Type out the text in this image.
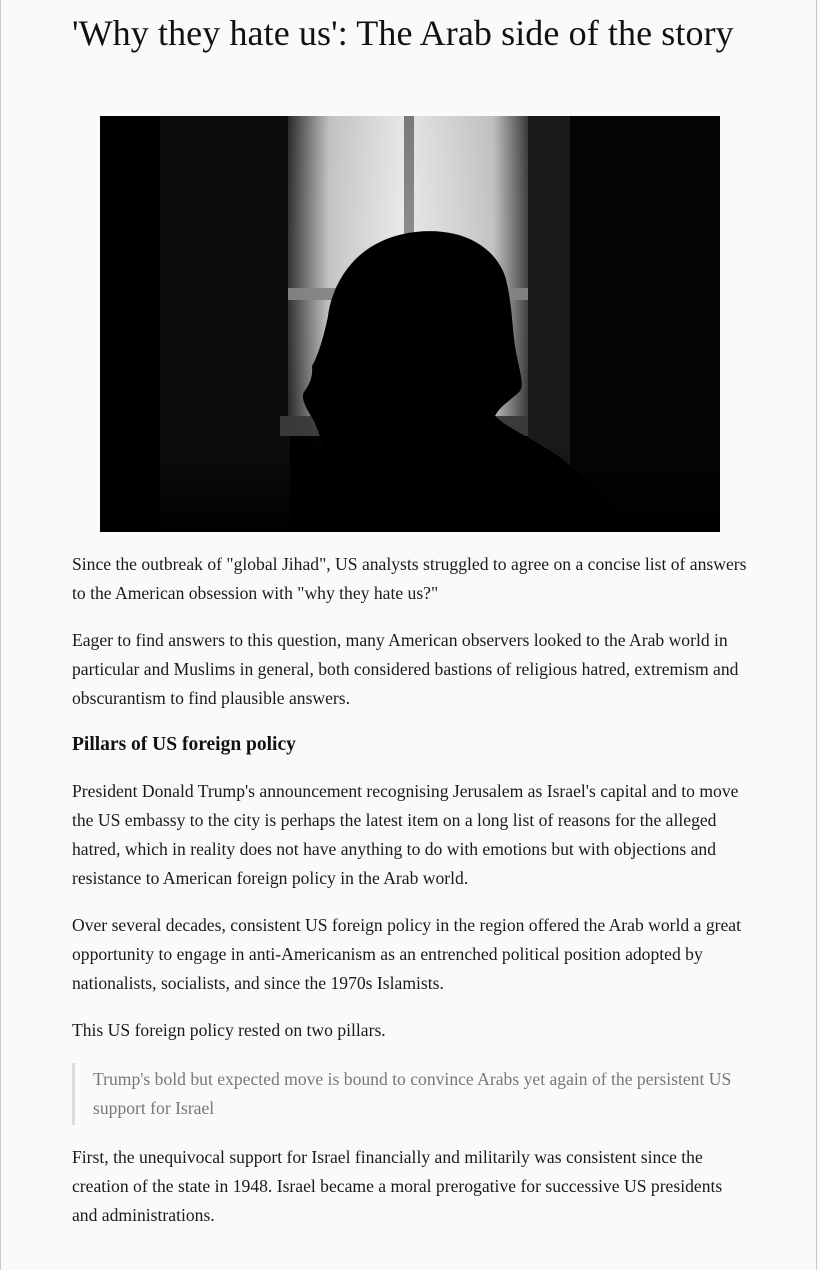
'Why they hate us': The Arab side of the story

Since the outbreak of "global Jihad", US analysts struggled to agree on a concise list of answers to the American obsession with "why they hate us?"

Eager to find answers to this question, many American observers looked to the Arab world in particular and Muslims in general, both considered bastions of religious hatred, extremism and obscurantism to find plausible answers.

Pillars of US foreign policy

President Donald Trump's announcement recognising Jerusalem as Israel's capital and to move the US embassy to the city is perhaps the latest item on a long list of reasons for the alleged hatred, which in reality does not have anything to do with emotions but with objections and resistance to American foreign policy in the Arab world.

Over several decades, consistent US foreign policy in the region offered the Arab world a great opportunity to engage in anti-Americanism as an entrenched political position adopted by nationalists, socialists, and since the 1970s Islamists.

This US foreign policy rested on two pillars.

Trump's bold but expected move is bound to convince Arabs yet again of the persistent US support for Israel

First, the unequivocal support for Israel financially and militarily was consistent since the creation of the state in 1948. Israel became a moral prerogative for successive US presidents and administrations.
